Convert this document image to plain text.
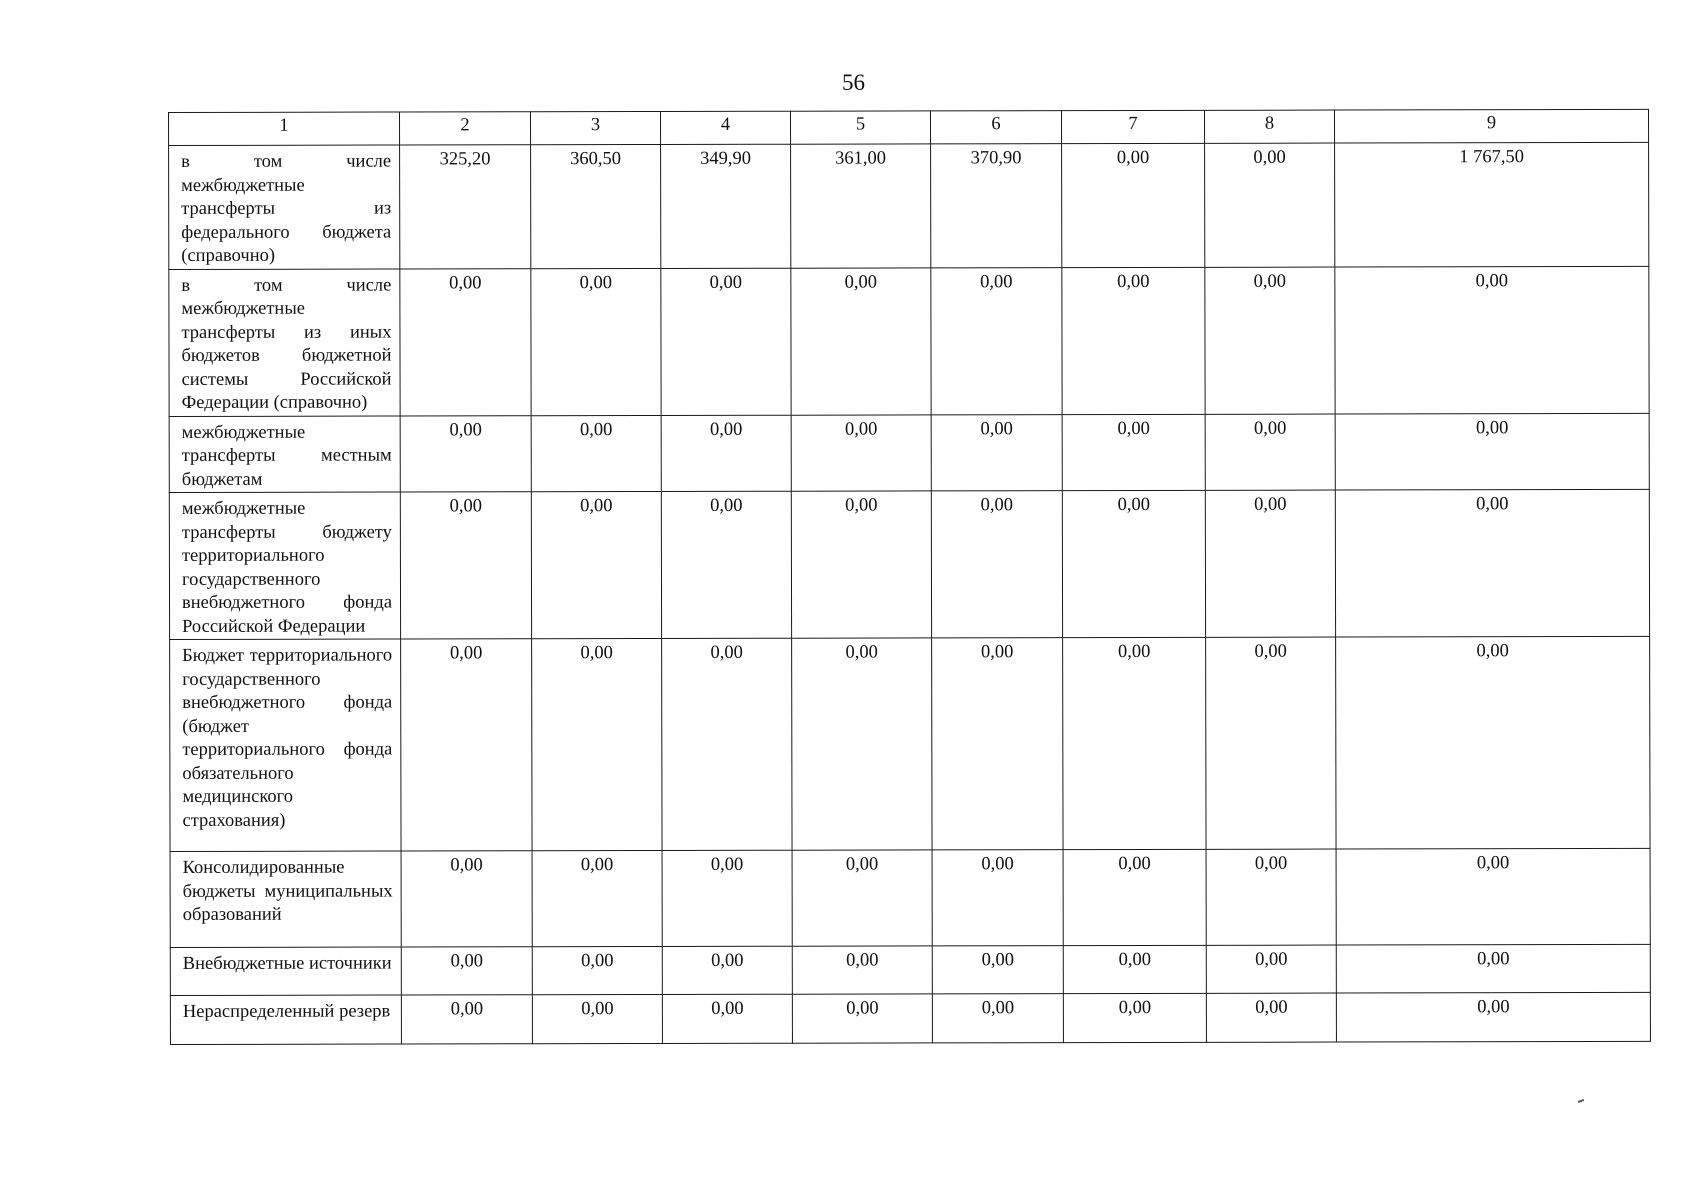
56
1	2	3	4	5	6	7	8	9
в том числе межбюджетные трансферты из федерального бюджета (справочно)	325,20	360,50	349,90	361,00	370,90	0,00	0,00	1 767,50
в том числе межбюджетные трансферты из иных бюджетов бюджетной системы Российской Федерации (справочно)	0,00	0,00	0,00	0,00	0,00	0,00	0,00	0,00
межбюджетные трансферты местным бюджетам	0,00	0,00	0,00	0,00	0,00	0,00	0,00	0,00
межбюджетные трансферты бюджету территориального государственного внебюджетного фонда Российской Федерации	0,00	0,00	0,00	0,00	0,00	0,00	0,00	0,00
Бюджет территориального государственного внебюджетного фонда (бюджет территориального фонда обязательного медицинского страхования)	0,00	0,00	0,00	0,00	0,00	0,00	0,00	0,00
Консолидированные бюджеты муниципальных образований	0,00	0,00	0,00	0,00	0,00	0,00	0,00	0,00
Внебюджетные источники	0,00	0,00	0,00	0,00	0,00	0,00	0,00	0,00
Нераспределенный резерв	0,00	0,00	0,00	0,00	0,00	0,00	0,00	0,00
